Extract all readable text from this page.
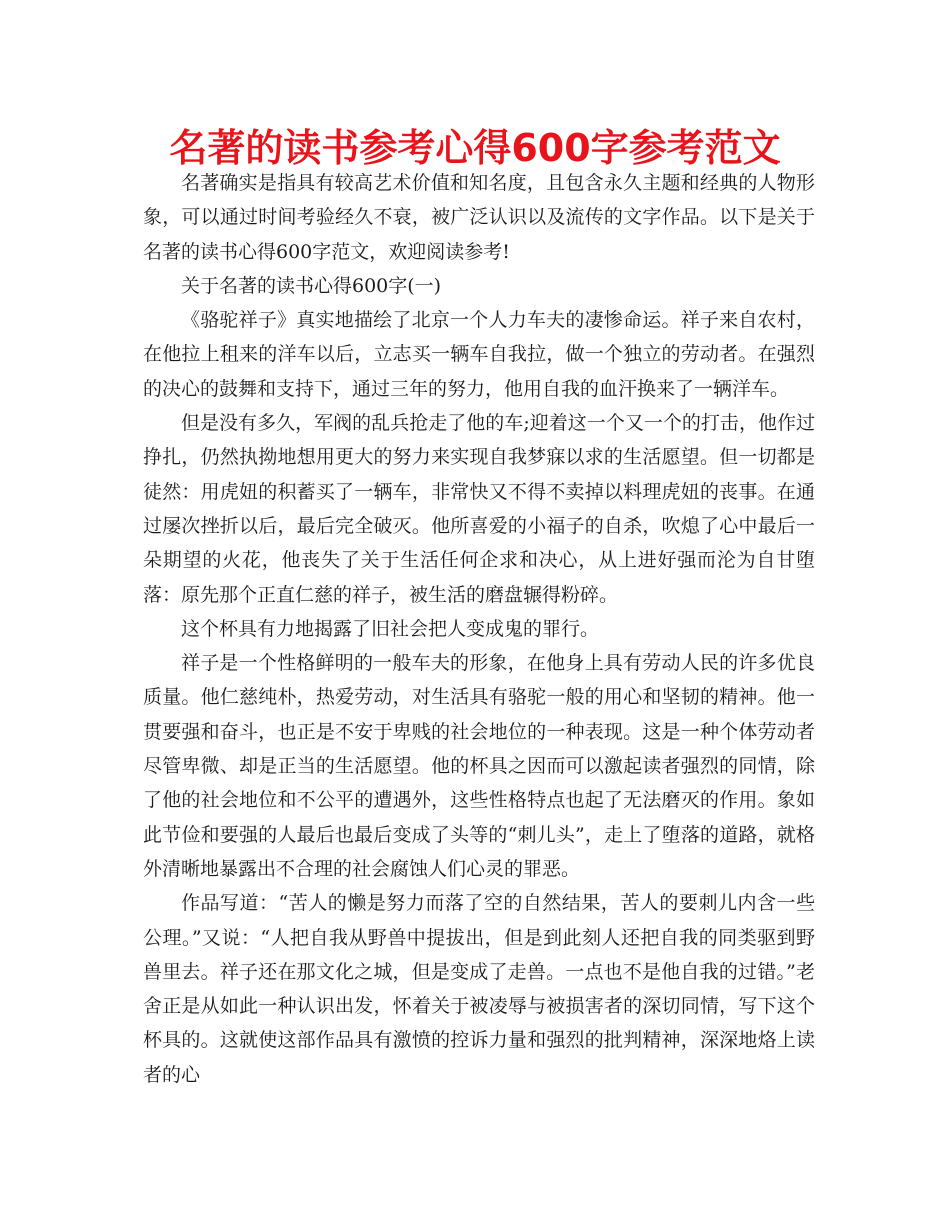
名著的读书参考心得600字参考范文

名著确实是指具有较高艺术价值和知名度，且包含永久主题和经典的人物形象，可以通过时间考验经久不衰，被广泛认识以及流传的文字作品。以下是关于名著的读书心得600字范文，欢迎阅读参考!

关于名著的读书心得600字(一)

《骆驼祥子》真实地描绘了北京一个人力车夫的凄惨命运。祥子来自农村，在他拉上租来的洋车以后，立志买一辆车自我拉，做一个独立的劳动者。在强烈的决心的鼓舞和支持下，通过三年的努力，他用自我的血汗换来了一辆洋车。

但是没有多久，军阀的乱兵抢走了他的车;迎着这一个又一个的打击，他作过挣扎，仍然执拗地想用更大的努力来实现自我梦寐以求的生活愿望。但一切都是徒然：用虎妞的积蓄买了一辆车，非常快又不得不卖掉以料理虎妞的丧事。在通过屡次挫折以后，最后完全破灭。他所喜爱的小福子的自杀，吹熄了心中最后一朵期望的火花，他丧失了关于生活任何企求和决心，从上进好强而沦为自甘堕落：原先那个正直仁慈的祥子，被生活的磨盘辗得粉碎。

这个杯具有力地揭露了旧社会把人变成鬼的罪行。

祥子是一个性格鲜明的一般车夫的形象，在他身上具有劳动人民的许多优良质量。他仁慈纯朴，热爱劳动，对生活具有骆驼一般的用心和坚韧的精神。他一贯要强和奋斗，也正是不安于卑贱的社会地位的一种表现。这是一种个体劳动者尽管卑微、却是正当的生活愿望。他的杯具之因而可以激起读者强烈的同情，除了他的社会地位和不公平的遭遇外，这些性格特点也起了无法磨灭的作用。象如此节俭和要强的人最后也最后变成了头等的“刺儿头”，走上了堕落的道路，就格外清晰地暴露出不合理的社会腐蚀人们心灵的罪恶。

作品写道：“苦人的懒是努力而落了空的自然结果，苦人的要刺儿内含一些公理。”又说：“人把自我从野兽中提拔出，但是到此刻人还把自我的同类驱到野兽里去。祥子还在那文化之城，但是变成了走兽。一点也不是他自我的过错。”老舍正是从如此一种认识出发，怀着关于被凌辱与被损害者的深切同情，写下这个杯具的。这就使这部作品具有激愤的控诉力量和强烈的批判精神，深深地烙上读者的心
